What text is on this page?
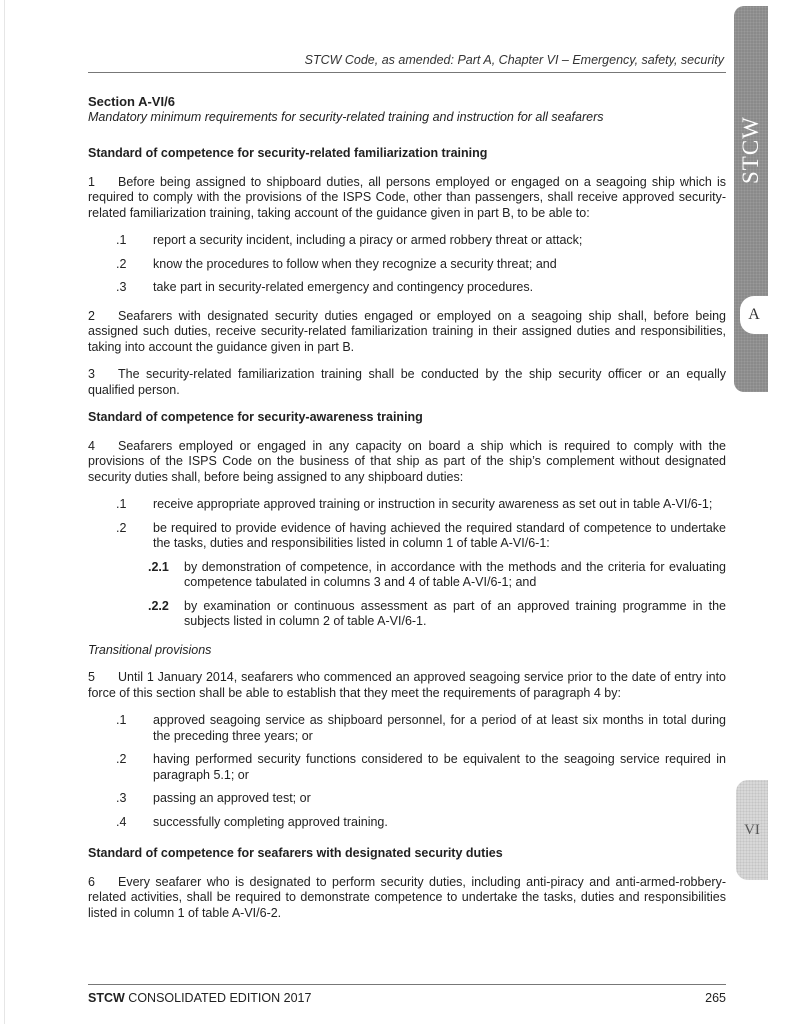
STCW CODE
A
VI
STCW Code, as amended: Part A, Chapter VI – Emergency, safety, security

Section A-VI/6

Mandatory minimum requirements for security-related training and instruction for all seafarers

Standard of competence for security-related familiarization training

1 Before being assigned to shipboard duties, all persons employed or engaged on a seagoing ship which is required to comply with the provisions of the ISPS Code, other than passengers, shall receive approved security-related familiarization training, taking account of the guidance given in part B, to be able to:

.1	report a security incident, including a piracy or armed robbery threat or attack;
.2	know the procedures to follow when they recognize a security threat; and
.3	take part in security-related emergency and contingency procedures.

2 Seafarers with designated security duties engaged or employed on a seagoing ship shall, before being assigned such duties, receive security-related familiarization training in their assigned duties and responsibilities, taking into account the guidance given in part B.

3 The security-related familiarization training shall be conducted by the ship security officer or an equally qualified person.

Standard of competence for security-awareness training

4 Seafarers employed or engaged in any capacity on board a ship which is required to comply with the provisions of the ISPS Code on the business of that ship as part of the ship’s complement without designated security duties shall, before being assigned to any shipboard duties:

.1	receive appropriate approved training or instruction in security awareness as set out in table A-VI/6-1;
.2	be required to provide evidence of having achieved the required standard of competence to undertake the tasks, duties and responsibilities listed in column 1 of table A-VI/6-1:
.2.1	by demonstration of competence, in accordance with the methods and the criteria for evaluating competence tabulated in columns 3 and 4 of table A-VI/6-1; and
.2.2	by examination or continuous assessment as part of an approved training programme in the subjects listed in column 2 of table A-VI/6-1.

Transitional provisions

5 Until 1 January 2014, seafarers who commenced an approved seagoing service prior to the date of entry into force of this section shall be able to establish that they meet the requirements of paragraph 4 by:

.1	approved seagoing service as shipboard personnel, for a period of at least six months in total during the preceding three years; or
.2	having performed security functions considered to be equivalent to the seagoing service required in paragraph 5.1; or
.3	passing an approved test; or
.4	successfully completing approved training.

Standard of competence for seafarers with designated security duties

6 Every seafarer who is designated to perform security duties, including anti-piracy and anti-armed-robbery-related activities, shall be required to demonstrate competence to undertake the tasks, duties and responsibilities listed in column 1 of table A-VI/6-2.

STCW CONSOLIDATED EDITION 2017	265
